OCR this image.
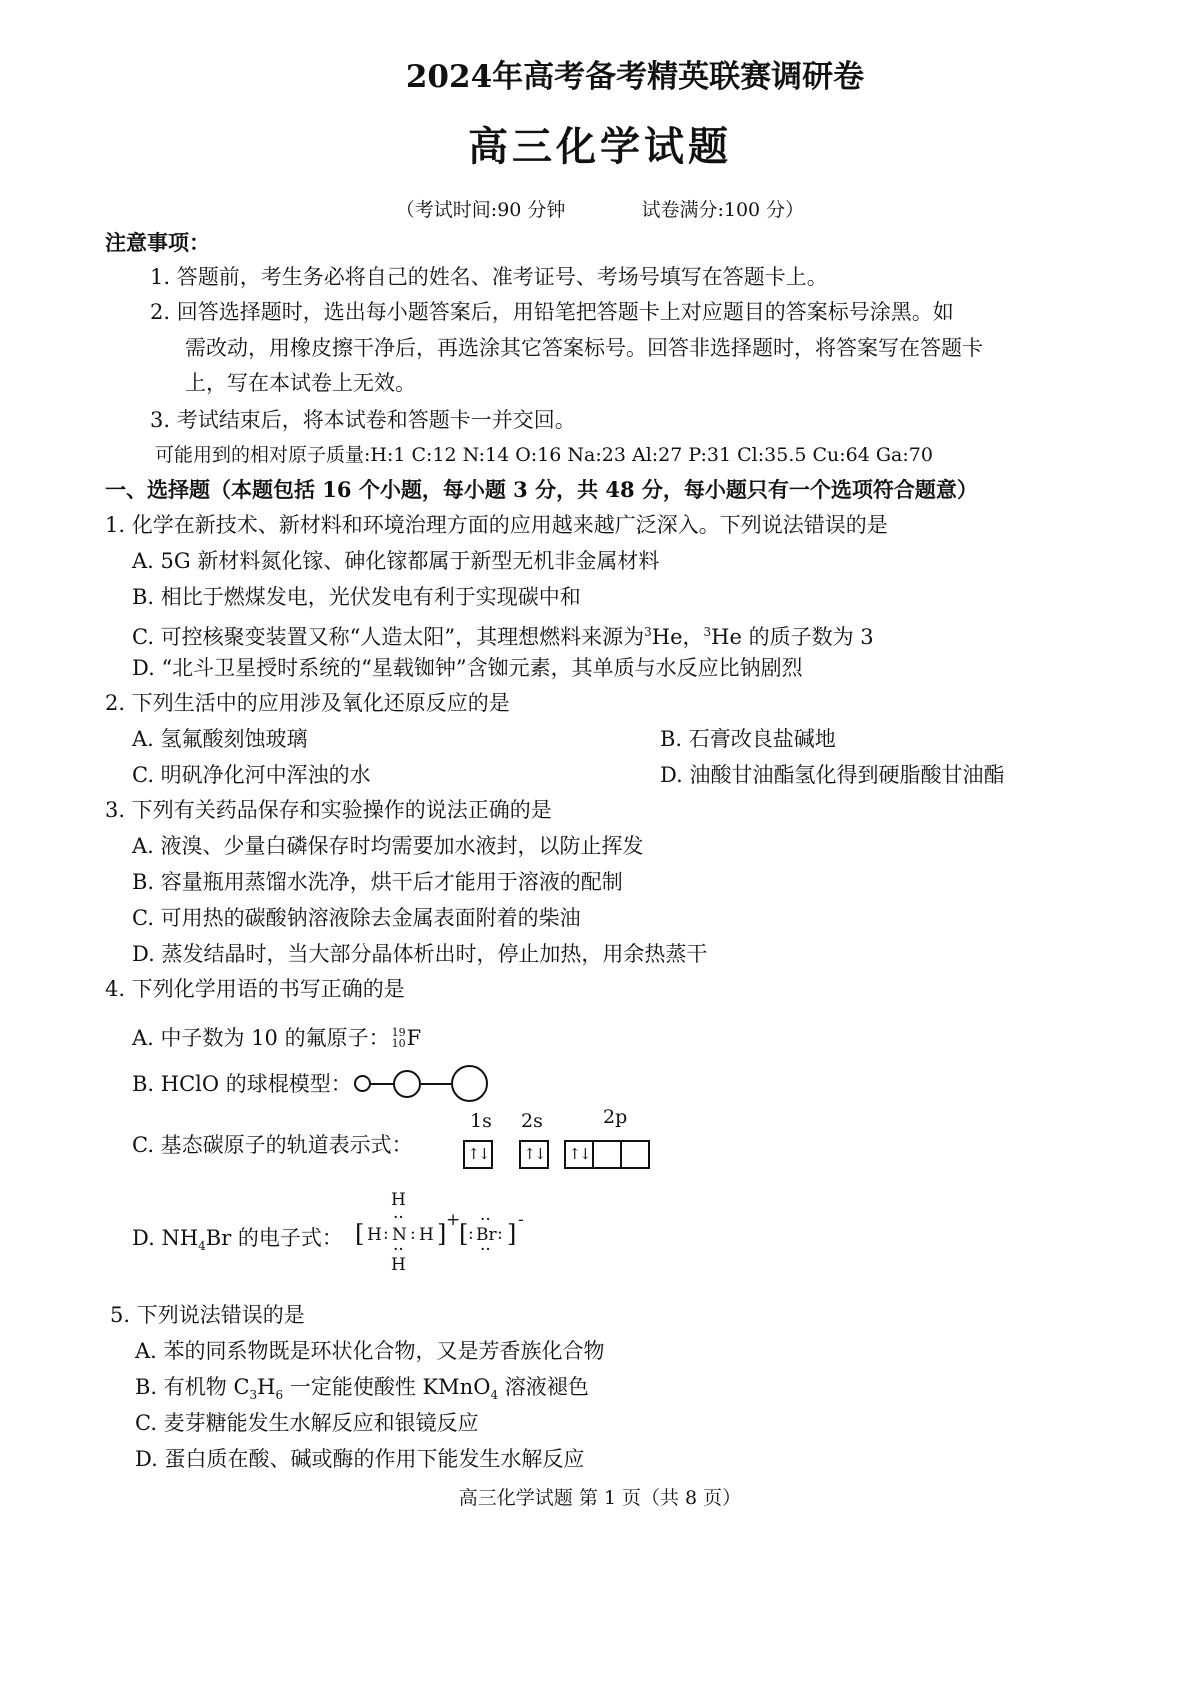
2024年高考备考精英联赛调研卷
高三化学试题
（考试时间:90 分钟	试卷满分:100 分）
注意事项：
1. 答题前，考生务必将自己的姓名、准考证号、考场号填写在答题卡上。
2. 回答选择题时，选出每小题答案后，用铅笔把答题卡上对应题目的答案标号涂黑。如
需改动，用橡皮擦干净后，再选涂其它答案标号。回答非选择题时，将答案写在答题卡
上，写在本试卷上无效。
3. 考试结束后，将本试卷和答题卡一并交回。
可能用到的相对原子质量:H:1 C:12 N:14 O:16 Na:23 Al:27 P:31 Cl:35.5 Cu:64 Ga:70
一、选择题（本题包括 16 个小题，每小题 3 分，共 48 分，每小题只有一个选项符合题意）
1. 化学在新技术、新材料和环境治理方面的应用越来越广泛深入。下列说法错误的是
A. 5G 新材料氮化镓、砷化镓都属于新型无机非金属材料
B. 相比于燃煤发电，光伏发电有利于实现碳中和
C. 可控核聚变装置又称“人造太阳”，其理想燃料来源为$^3$He，$^3$He 的质子数为 3
D. “北斗卫星授时系统的“星载铷钟”含铷元素，其单质与水反应比钠剧烈
2. 下列生活中的应用涉及氧化还原反应的是
A. 氢氟酸刻蚀玻璃	B. 石膏改良盐碱地
C. 明矾净化河中浑浊的水	D. 油酸甘油酯氢化得到硬脂酸甘油酯
3. 下列有关药品保存和实验操作的说法正确的是
A. 液溴、少量白磷保存时均需要加水液封，以防止挥发
B. 容量瓶用蒸馏水洗净，烘干后才能用于溶液的配制
C. 可用热的碳酸钠溶液除去金属表面附着的柴油
D. 蒸发结晶时，当大部分晶体析出时，停止加热，用余热蒸干
4. 下列化学用语的书写正确的是
A. 中子数为 10 的氟原子： 19
10 F
B. HClO 的球棍模型：
C. 基态碳原子的轨道表示式：
1s 2s	2p
↑↓ ↑↓ ↑↓
D. $NH_4Br$ 的电子式： [ H :
H
··
N
··
H
: H ] +
[ :
··
Br
··
: ] -
5. 下列说法错误的是
A. 苯的同系物既是环状化合物，又是芳香族化合物
B. 有机物 $C_3H_6$ 一定能使酸性 KMnO$_4$ 溶液褪色
C. 麦芽糖能发生水解反应和银镜反应
D. 蛋白质在酸、碱或酶的作用下能发生水解反应
高三化学试题 第 1 页（共 8 页）
